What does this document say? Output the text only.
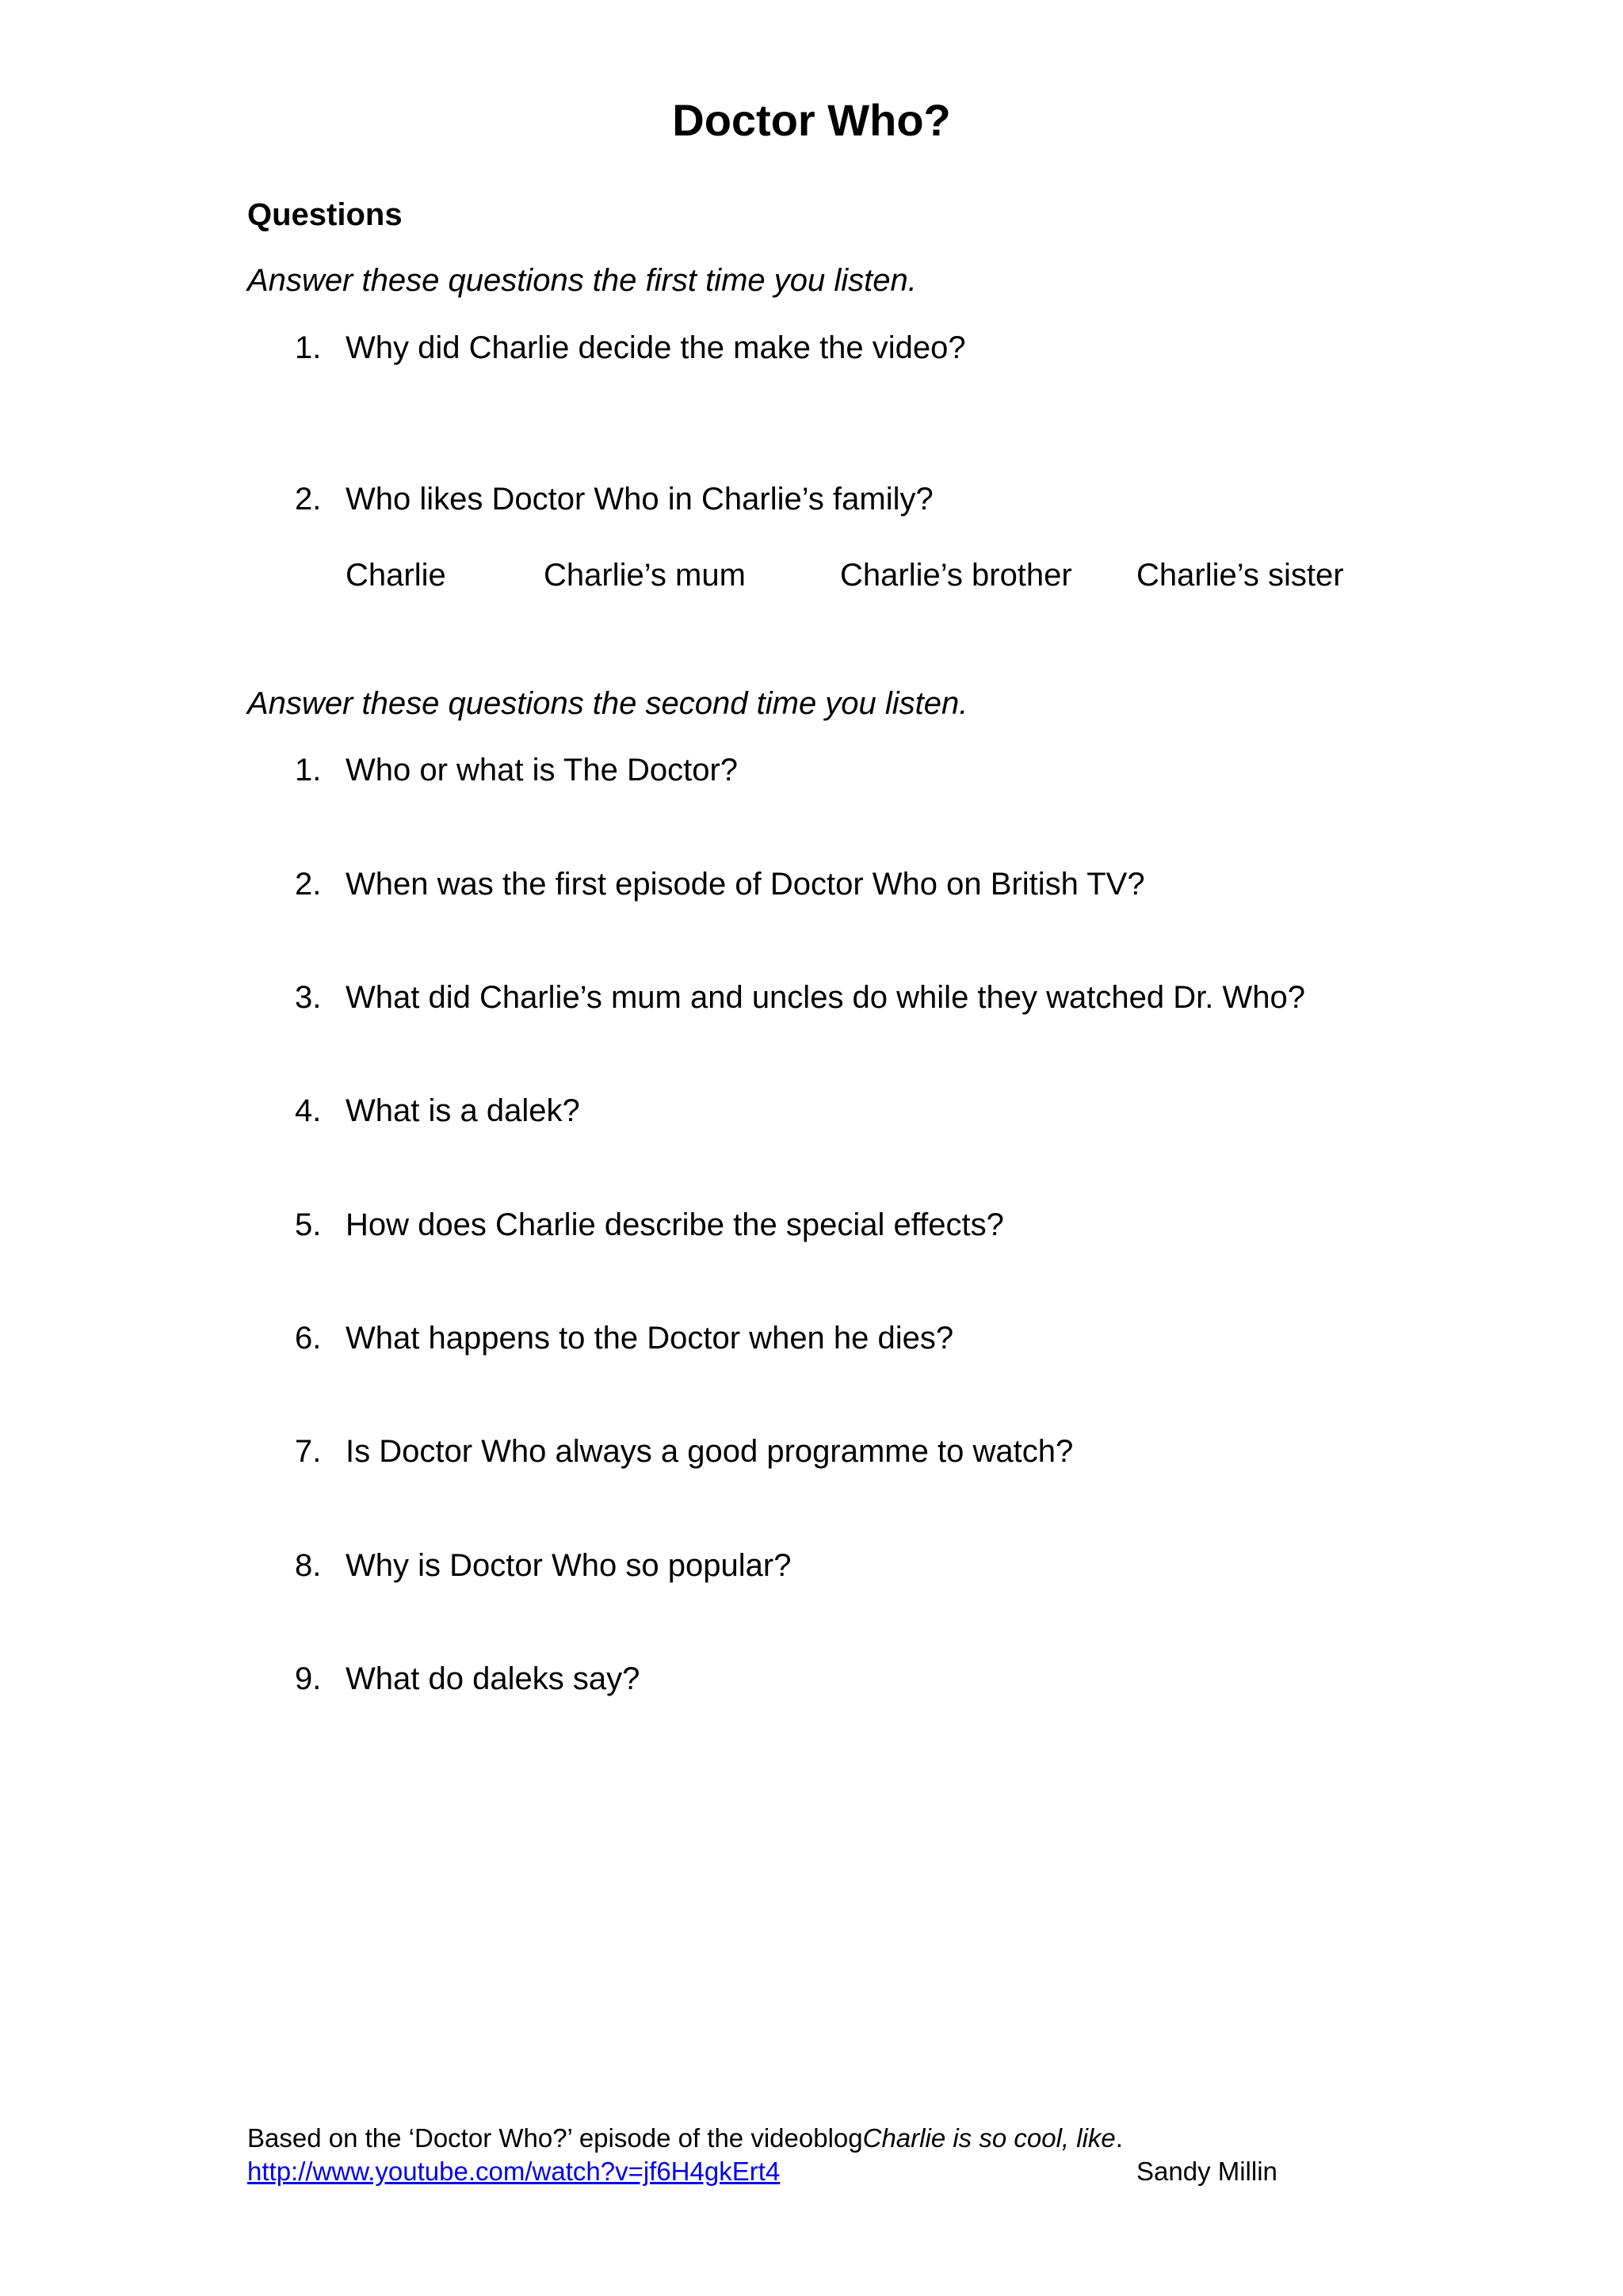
Doctor Who?
Questions
Answer these questions the first time you listen.
1. Why did Charlie decide the make the video?
2. Who likes Doctor Who in Charlie’s family?
Charlie	Charlie’s mum	Charlie’s brother Charlie’s sister
Answer these questions the second time you listen.
1. Who or what is The Doctor?
2. When was the first episode of Doctor Who on British TV?
3. What did Charlie’s mum and uncles do while they watched Dr. Who?
4. What is a dalek?
5. How does Charlie describe the special effects?
6. What happens to the Doctor when he dies?
7. Is Doctor Who always a good programme to watch?
8. Why is Doctor Who so popular?
9. What do daleks say?
Based on the ‘Doctor Who?’ episode of the videoblogCharlie is so cool, like.
http://www.youtube.com/watch?v=jf6H4gkErt4	Sandy Millin
